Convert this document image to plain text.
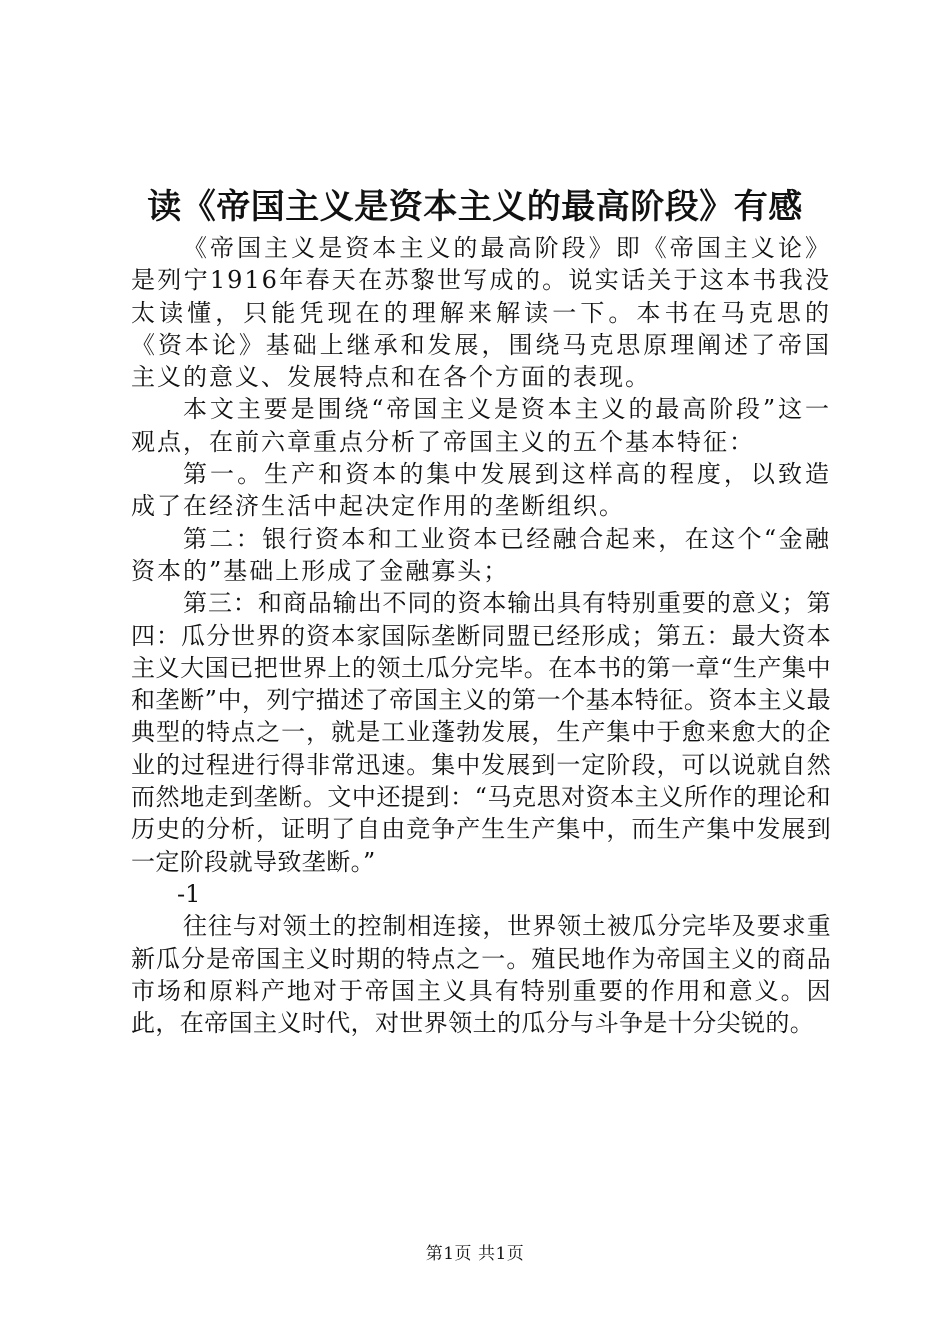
读《帝国主义是资本主义的最高阶段》有感

《帝国主义是资本主义的最高阶段》即《帝国主义论》是列宁1916年春天在苏黎世写成的。说实话关于这本书我没太读懂，只能凭现在的理解来解读一下。本书在马克思的《资本论》基础上继承和发展，围绕马克思原理阐述了帝国主义的意义、发展特点和在各个方面的表现。

本文主要是围绕“帝国主义是资本主义的最高阶段”这一观点，在前六章重点分析了帝国主义的五个基本特征：

第一。生产和资本的集中发展到这样高的程度，以致造成了在经济生活中起决定作用的垄断组织。

第二：银行资本和工业资本已经融合起来，在这个“金融资本的”基础上形成了金融寡头；

第三：和商品输出不同的资本输出具有特别重要的意义；第四：瓜分世界的资本家国际垄断同盟已经形成；第五：最大资本主义大国已把世界上的领土瓜分完毕。在本书的第一章“生产集中和垄断”中，列宁描述了帝国主义的第一个基本特征。资本主义最典型的特点之一，就是工业蓬勃发展，生产集中于愈来愈大的企业的过程进行得非常迅速。集中发展到一定阶段，可以说就自然而然地走到垄断。文中还提到：“马克思对资本主义所作的理论和历史的分析，证明了自由竞争产生生产集中，而生产集中发展到一定阶段就导致垄断。”

-1

往往与对领土的控制相连接，世界领土被瓜分完毕及要求重新瓜分是帝国主义时期的特点之一。殖民地作为帝国主义的商品市场和原料产地对于帝国主义具有特别重要的作用和意义。因此，在帝国主义时代，对世界领土的瓜分与斗争是十分尖锐的。

第1页 共1页
